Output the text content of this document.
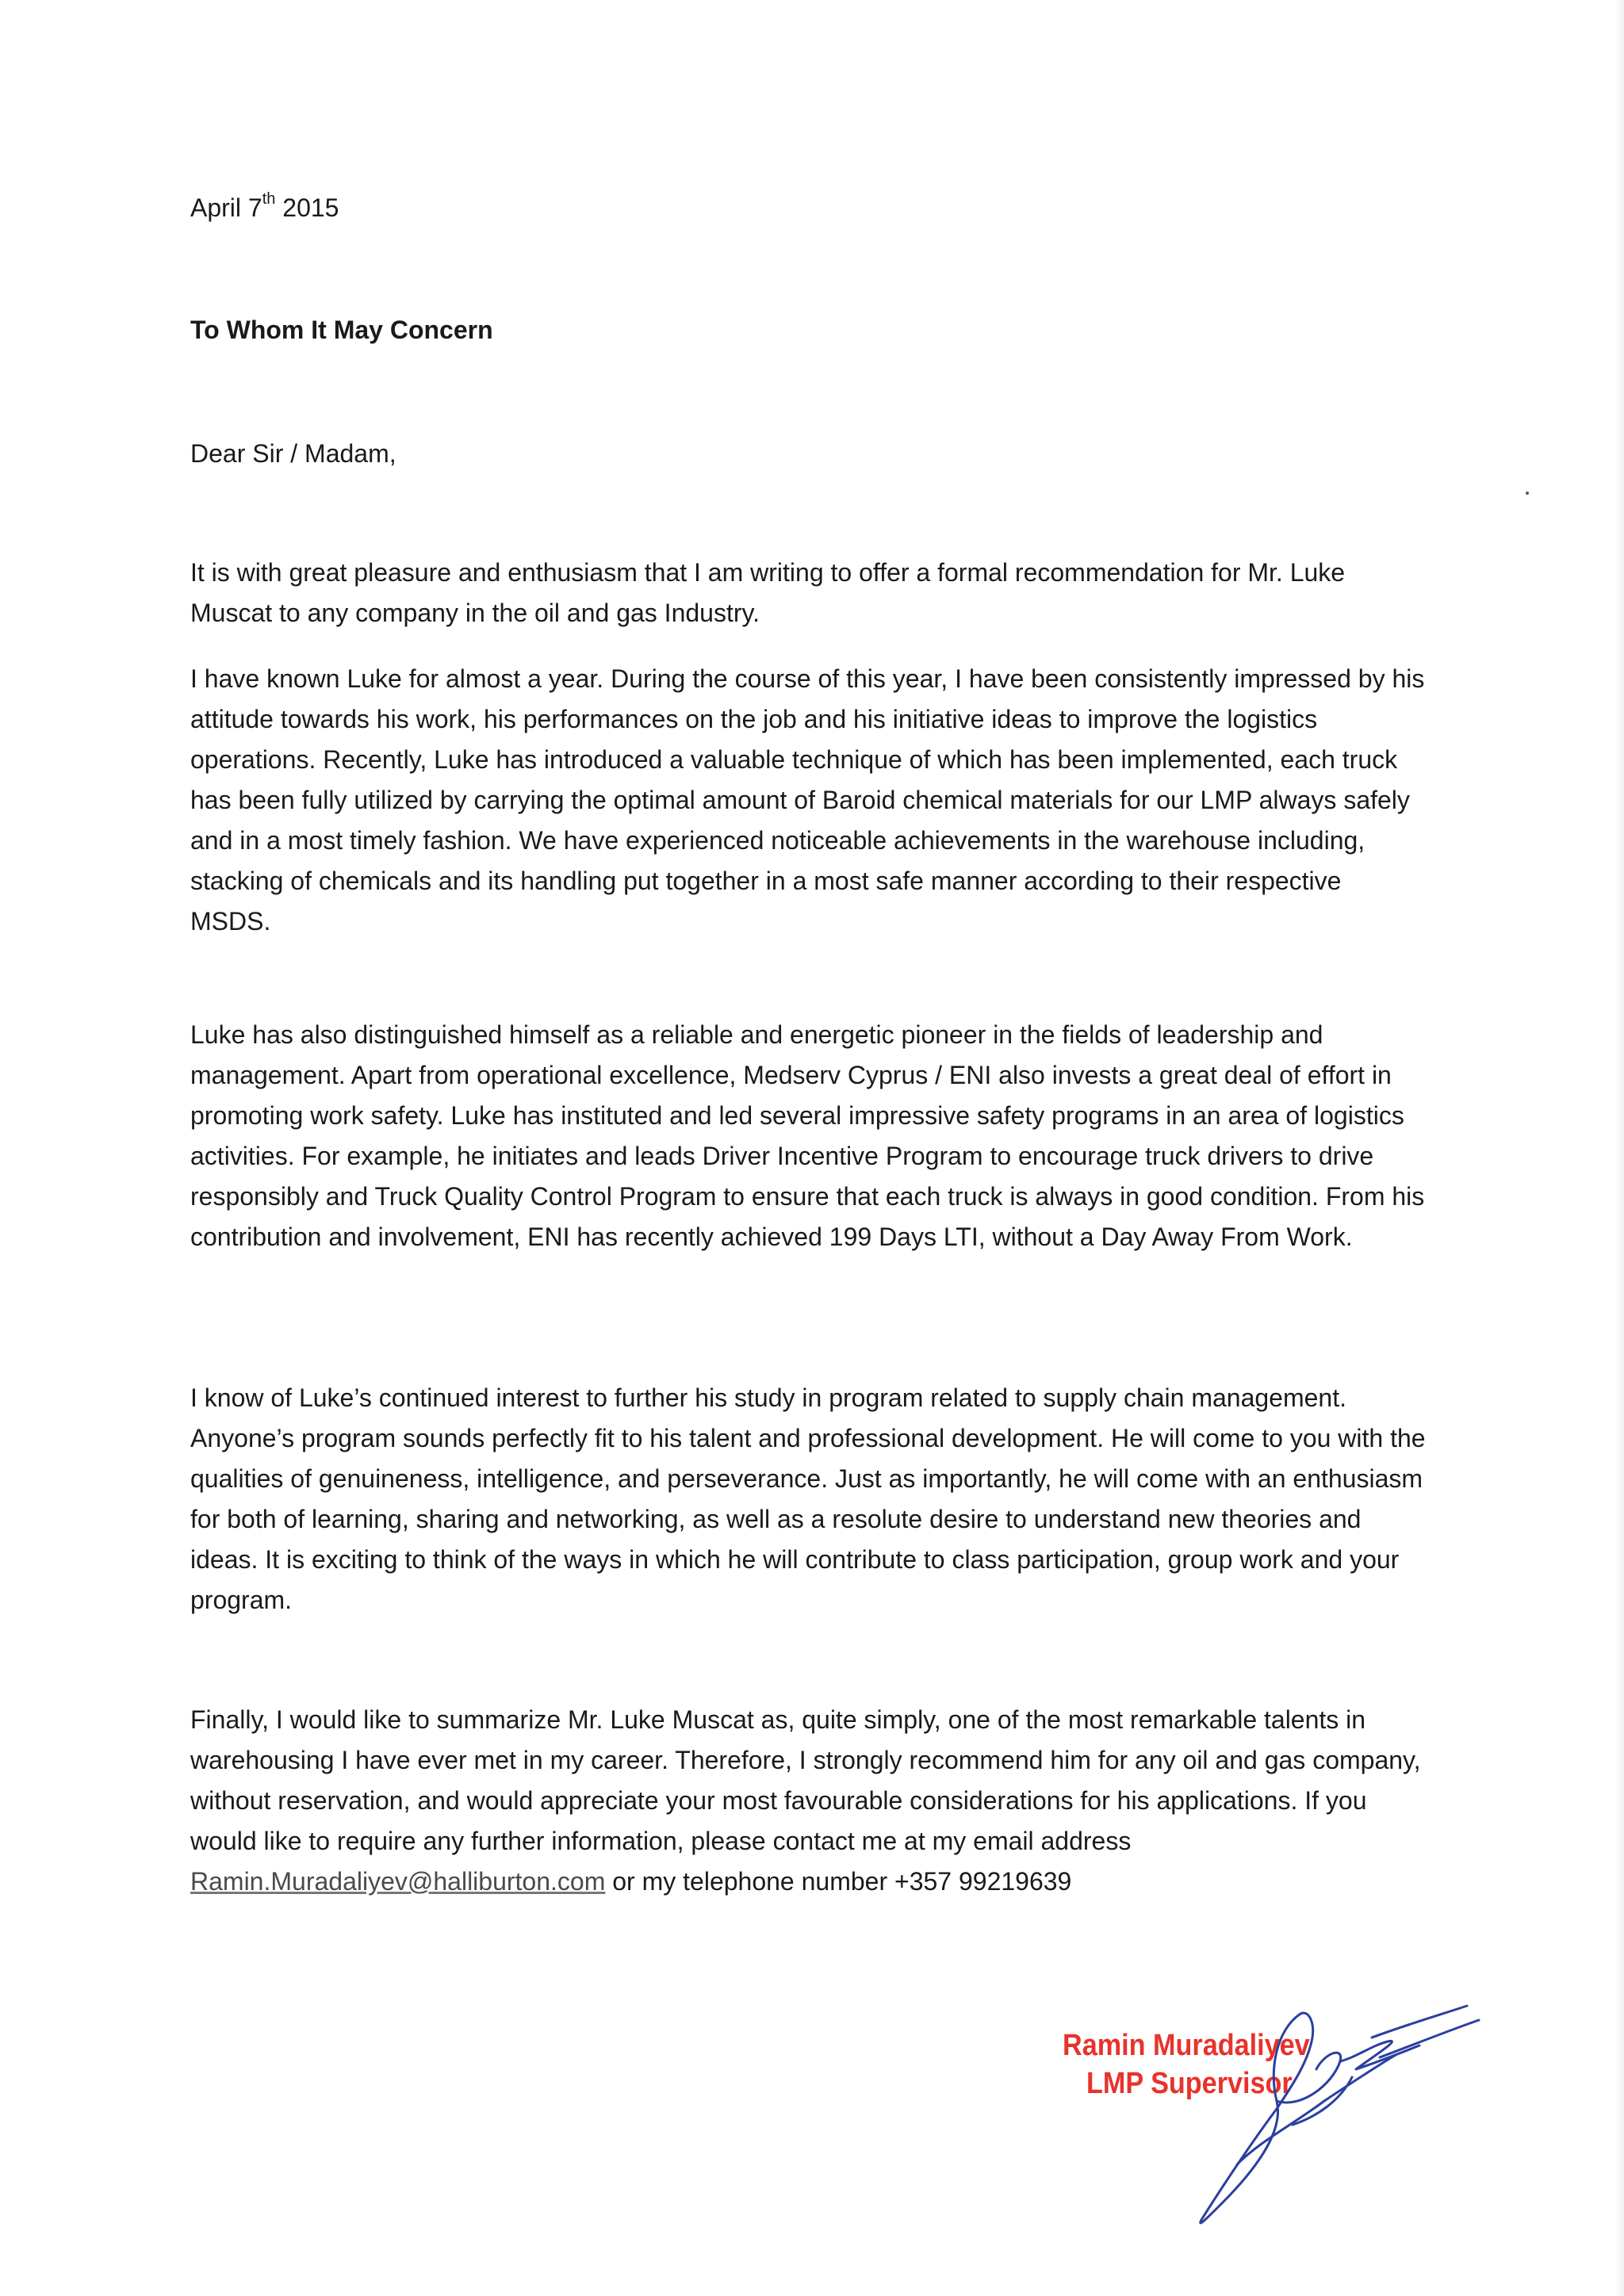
April 7th 2015
To Whom It May Concern
Dear Sir / Madam,

It is with great pleasure and enthusiasm that I am writing to offer a formal recommendation for Mr. Luke Muscat to any company in the oil and gas Industry.

I have known Luke for almost a year. During the course of this year, I have been consistently impressed by his attitude towards his work, his performances on the job and his initiative ideas to improve the logistics operations. Recently, Luke has introduced a valuable technique of which has been implemented, each truck has been fully utilized by carrying the optimal amount of Baroid chemical materials for our LMP always safely and in a most timely fashion. We have experienced noticeable achievements in the warehouse including, stacking of chemicals and its handling put together in a most safe manner according to their respective MSDS.

Luke has also distinguished himself as a reliable and energetic pioneer in the fields of leadership and management. Apart from operational excellence, Medserv Cyprus / ENI also invests a great deal of effort in promoting work safety. Luke has instituted and led several impressive safety programs in an area of logistics activities. For example, he initiates and leads Driver Incentive Program to encourage truck drivers to drive responsibly and Truck Quality Control Program to ensure that each truck is always in good condition. From his contribution and involvement, ENI has recently achieved 199 Days LTI, without a Day Away From Work.

I know of Luke’s continued interest to further his study in program related to supply chain management. Anyone’s program sounds perfectly fit to his talent and professional development. He will come to you with the qualities of genuineness, intelligence, and perseverance. Just as importantly, he will come with an enthusiasm for both of learning, sharing and networking, as well as a resolute desire to understand new theories and ideas. It is exciting to think of the ways in which he will contribute to class participation, group work and your program.

Finally, I would like to summarize Mr. Luke Muscat as, quite simply, one of the most remarkable talents in warehousing I have ever met in my career. Therefore, I strongly recommend him for any oil and gas company, without reservation, and would appreciate your most favourable considerations for his applications. If you would like to require any further information, please contact me at my email address Ramin.Muradaliyev@halliburton.com or my telephone number +357 99219639

Ramin Muradaliyev
LMP Supervisor
